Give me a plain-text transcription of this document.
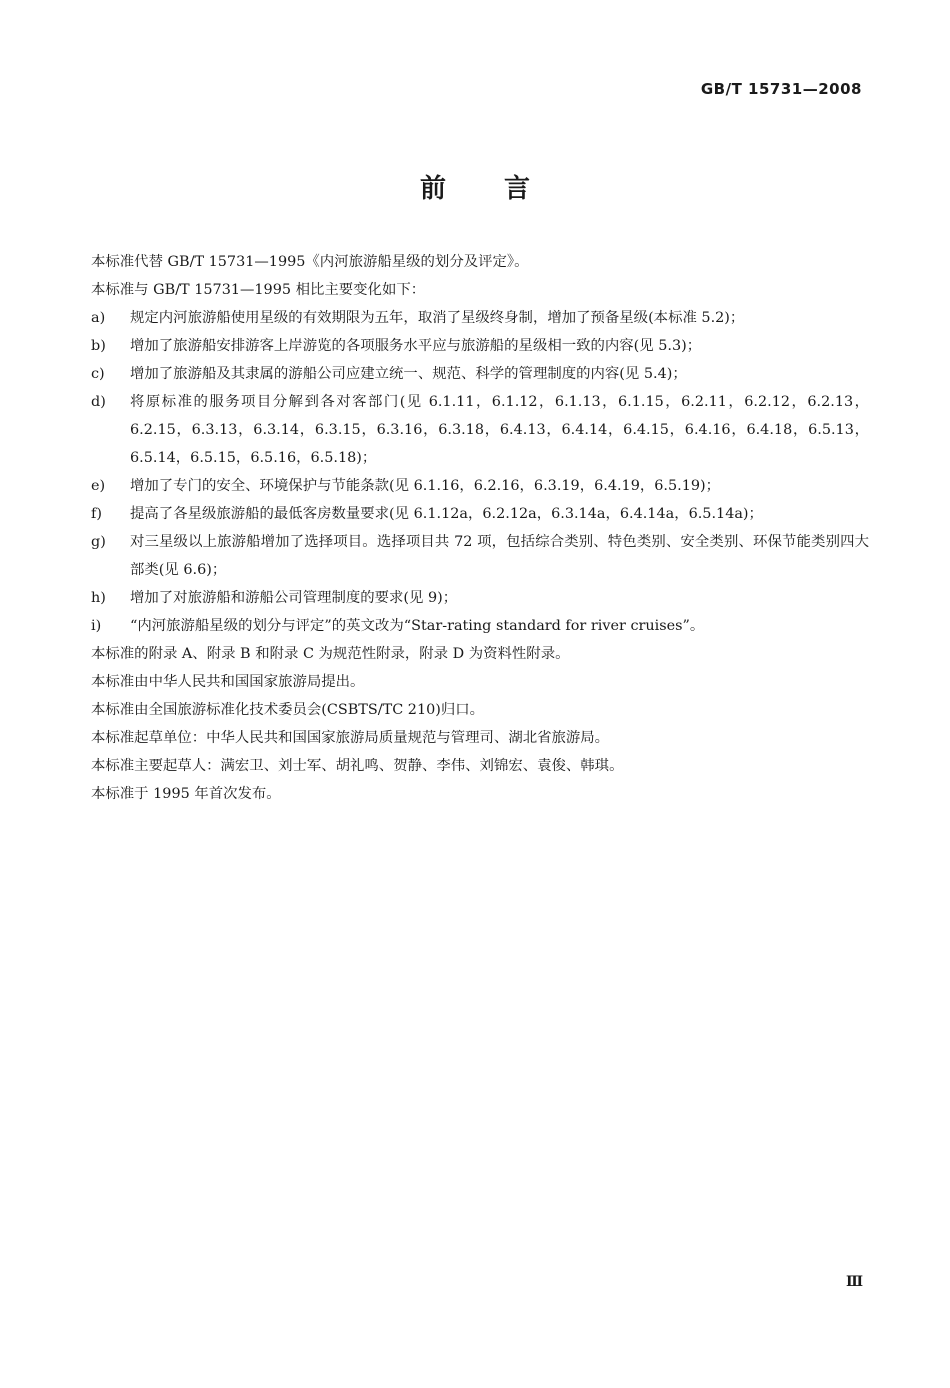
GB/T 15731—2008
前言

本标准代替 GB/T 15731—1995《内河旅游船星级的划分及评定》。

本标准与 GB/T 15731—1995 相比主要变化如下：

a)	规定内河旅游船使用星级的有效期限为五年，取消了星级终身制，增加了预备星级(本标准 5.2)；
b)	增加了旅游船安排游客上岸游览的各项服务水平应与旅游船的星级相一致的内容(见 5.3)；
c)	增加了旅游船及其隶属的游船公司应建立统一、规范、科学的管理制度的内容(见 5.4)；
d)	将原标准的服务项目分解到各对客部门(见 6.1.11，6.1.12，6.1.13，6.1.15，6.2.11，6.2.12，6.2.13，6.2.15，6.3.13，6.3.14，6.3.15，6.3.16，6.3.18，6.4.13，6.4.14，6.4.15，6.4.16，6.4.18，6.5.13，6.5.14，6.5.15，6.5.16，6.5.18)；
e)	增加了专门的安全、环境保护与节能条款(见 6.1.16，6.2.16，6.3.19，6.4.19，6.5.19)；
f)	提高了各星级旅游船的最低客房数量要求(见 6.1.12a，6.2.12a，6.3.14a，6.4.14a，6.5.14a)；
g)	对三星级以上旅游船增加了选择项目。选择项目共 72 项，包括综合类别、特色类别、安全类别、环保节能类别四大部类(见 6.6)；
h)	增加了对旅游船和游船公司管理制度的要求(见 9)；
i)	“内河旅游船星级的划分与评定”的英文改为“Star-rating standard for river cruises”。

本标准的附录 A、附录 B 和附录 C 为规范性附录，附录 D 为资料性附录。

本标准由中华人民共和国国家旅游局提出。

本标准由全国旅游标准化技术委员会(CSBTS/TC 210)归口。

本标准起草单位：中华人民共和国国家旅游局质量规范与管理司、湖北省旅游局。

本标准主要起草人：满宏卫、刘士军、胡礼鸣、贺静、李伟、刘锦宏、袁俊、韩琪。

本标准于 1995 年首次发布。

Ⅲ
